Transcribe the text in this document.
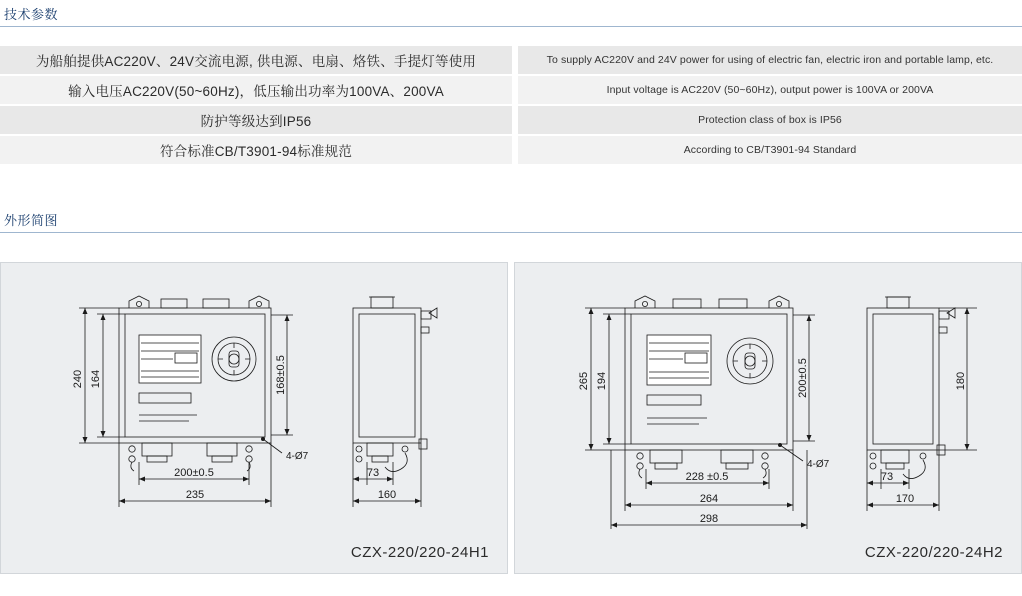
技术参数
为船舶提供AC220V、24V交流电源, 供电源、电扇、烙铁、手提灯等使用	To supply AC220V and 24V power for using of electric fan, electric iron and portable lamp, etc.
输入电压AC220V(50~60Hz)，低压输出功率为100VA、200VA	Input voltage is AC220V (50~60Hz), output power is 100VA or 200VA
防护等级达到IP56	Protection class of box is IP56
符合标准CB/T3901-94标准规范	According to CB/T3901-94 Standard
外形简图
240 164	168±0.5
200±0.5
235
4-Ø7
73
160
CZX-220/220-24H1
265 194	200±0.5
228 ±0.5
264
298
4-Ø7
180
73
170
CZX-220/220-24H2
